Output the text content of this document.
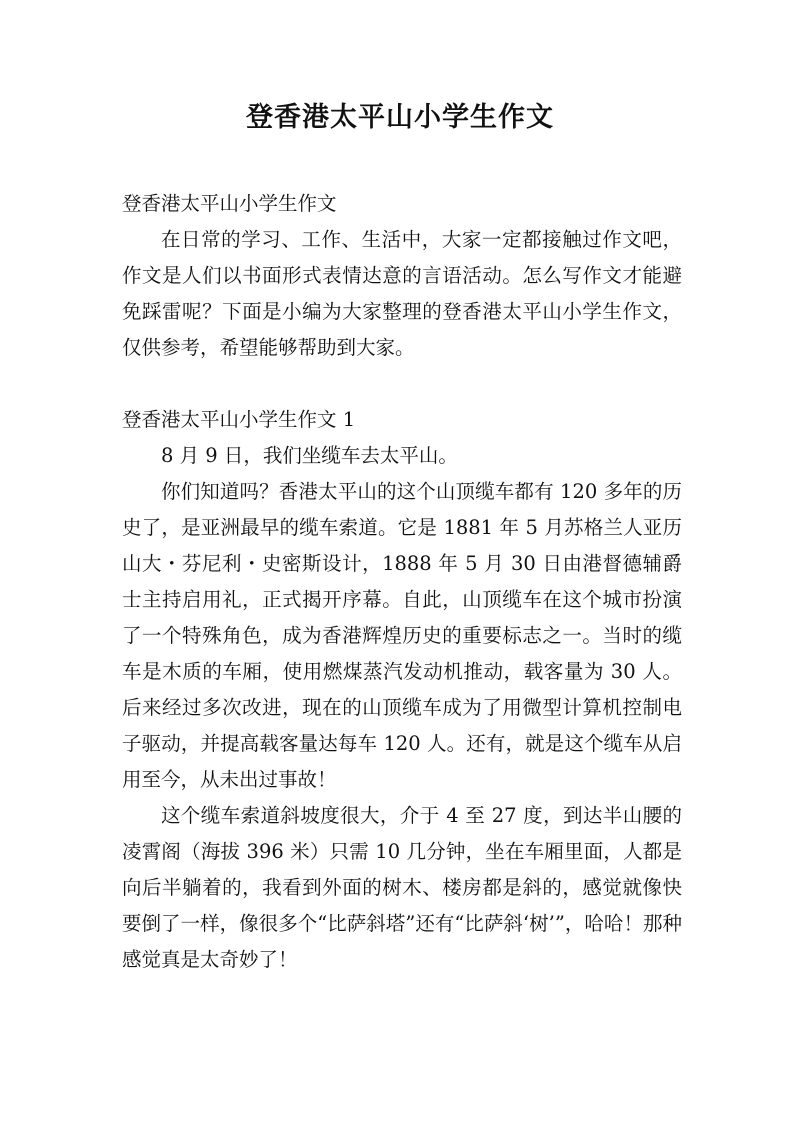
登香港太平山小学生作文

登香港太平山小学生作文

在日常的学习、工作、生活中，大家一定都接触过作文吧，作文是人们以书面形式表情达意的言语活动。怎么写作文才能避免踩雷呢？下面是小编为大家整理的登香港太平山小学生作文，仅供参考，希望能够帮助到大家。

登香港太平山小学生作文 1

8 月 9 日，我们坐缆车去太平山。

你们知道吗？香港太平山的这个山顶缆车都有 120 多年的历史了，是亚洲最早的缆车索道。它是 1881 年 5 月苏格兰人亚历山大・芬尼利・史密斯设计，1888 年 5 月 30 日由港督德辅爵士主持启用礼，正式揭开序幕。自此，山顶缆车在这个城市扮演了一个特殊角色，成为香港辉煌历史的重要标志之一。当时的缆车是木质的车厢，使用燃煤蒸汽发动机推动，载客量为 30 人。后来经过多次改进，现在的山顶缆车成为了用微型计算机控制电子驱动，并提高载客量达每车 120 人。还有，就是这个缆车从启用至今，从未出过事故！

这个缆车索道斜坡度很大，介于 4 至 27 度，到达半山腰的凌霄阁（海拔 396 米）只需 10 几分钟，坐在车厢里面，人都是向后半躺着的，我看到外面的树木、楼房都是斜的，感觉就像快要倒了一样，像很多个“比萨斜塔”还有“比萨斜‘树’”，哈哈！那种感觉真是太奇妙了！
